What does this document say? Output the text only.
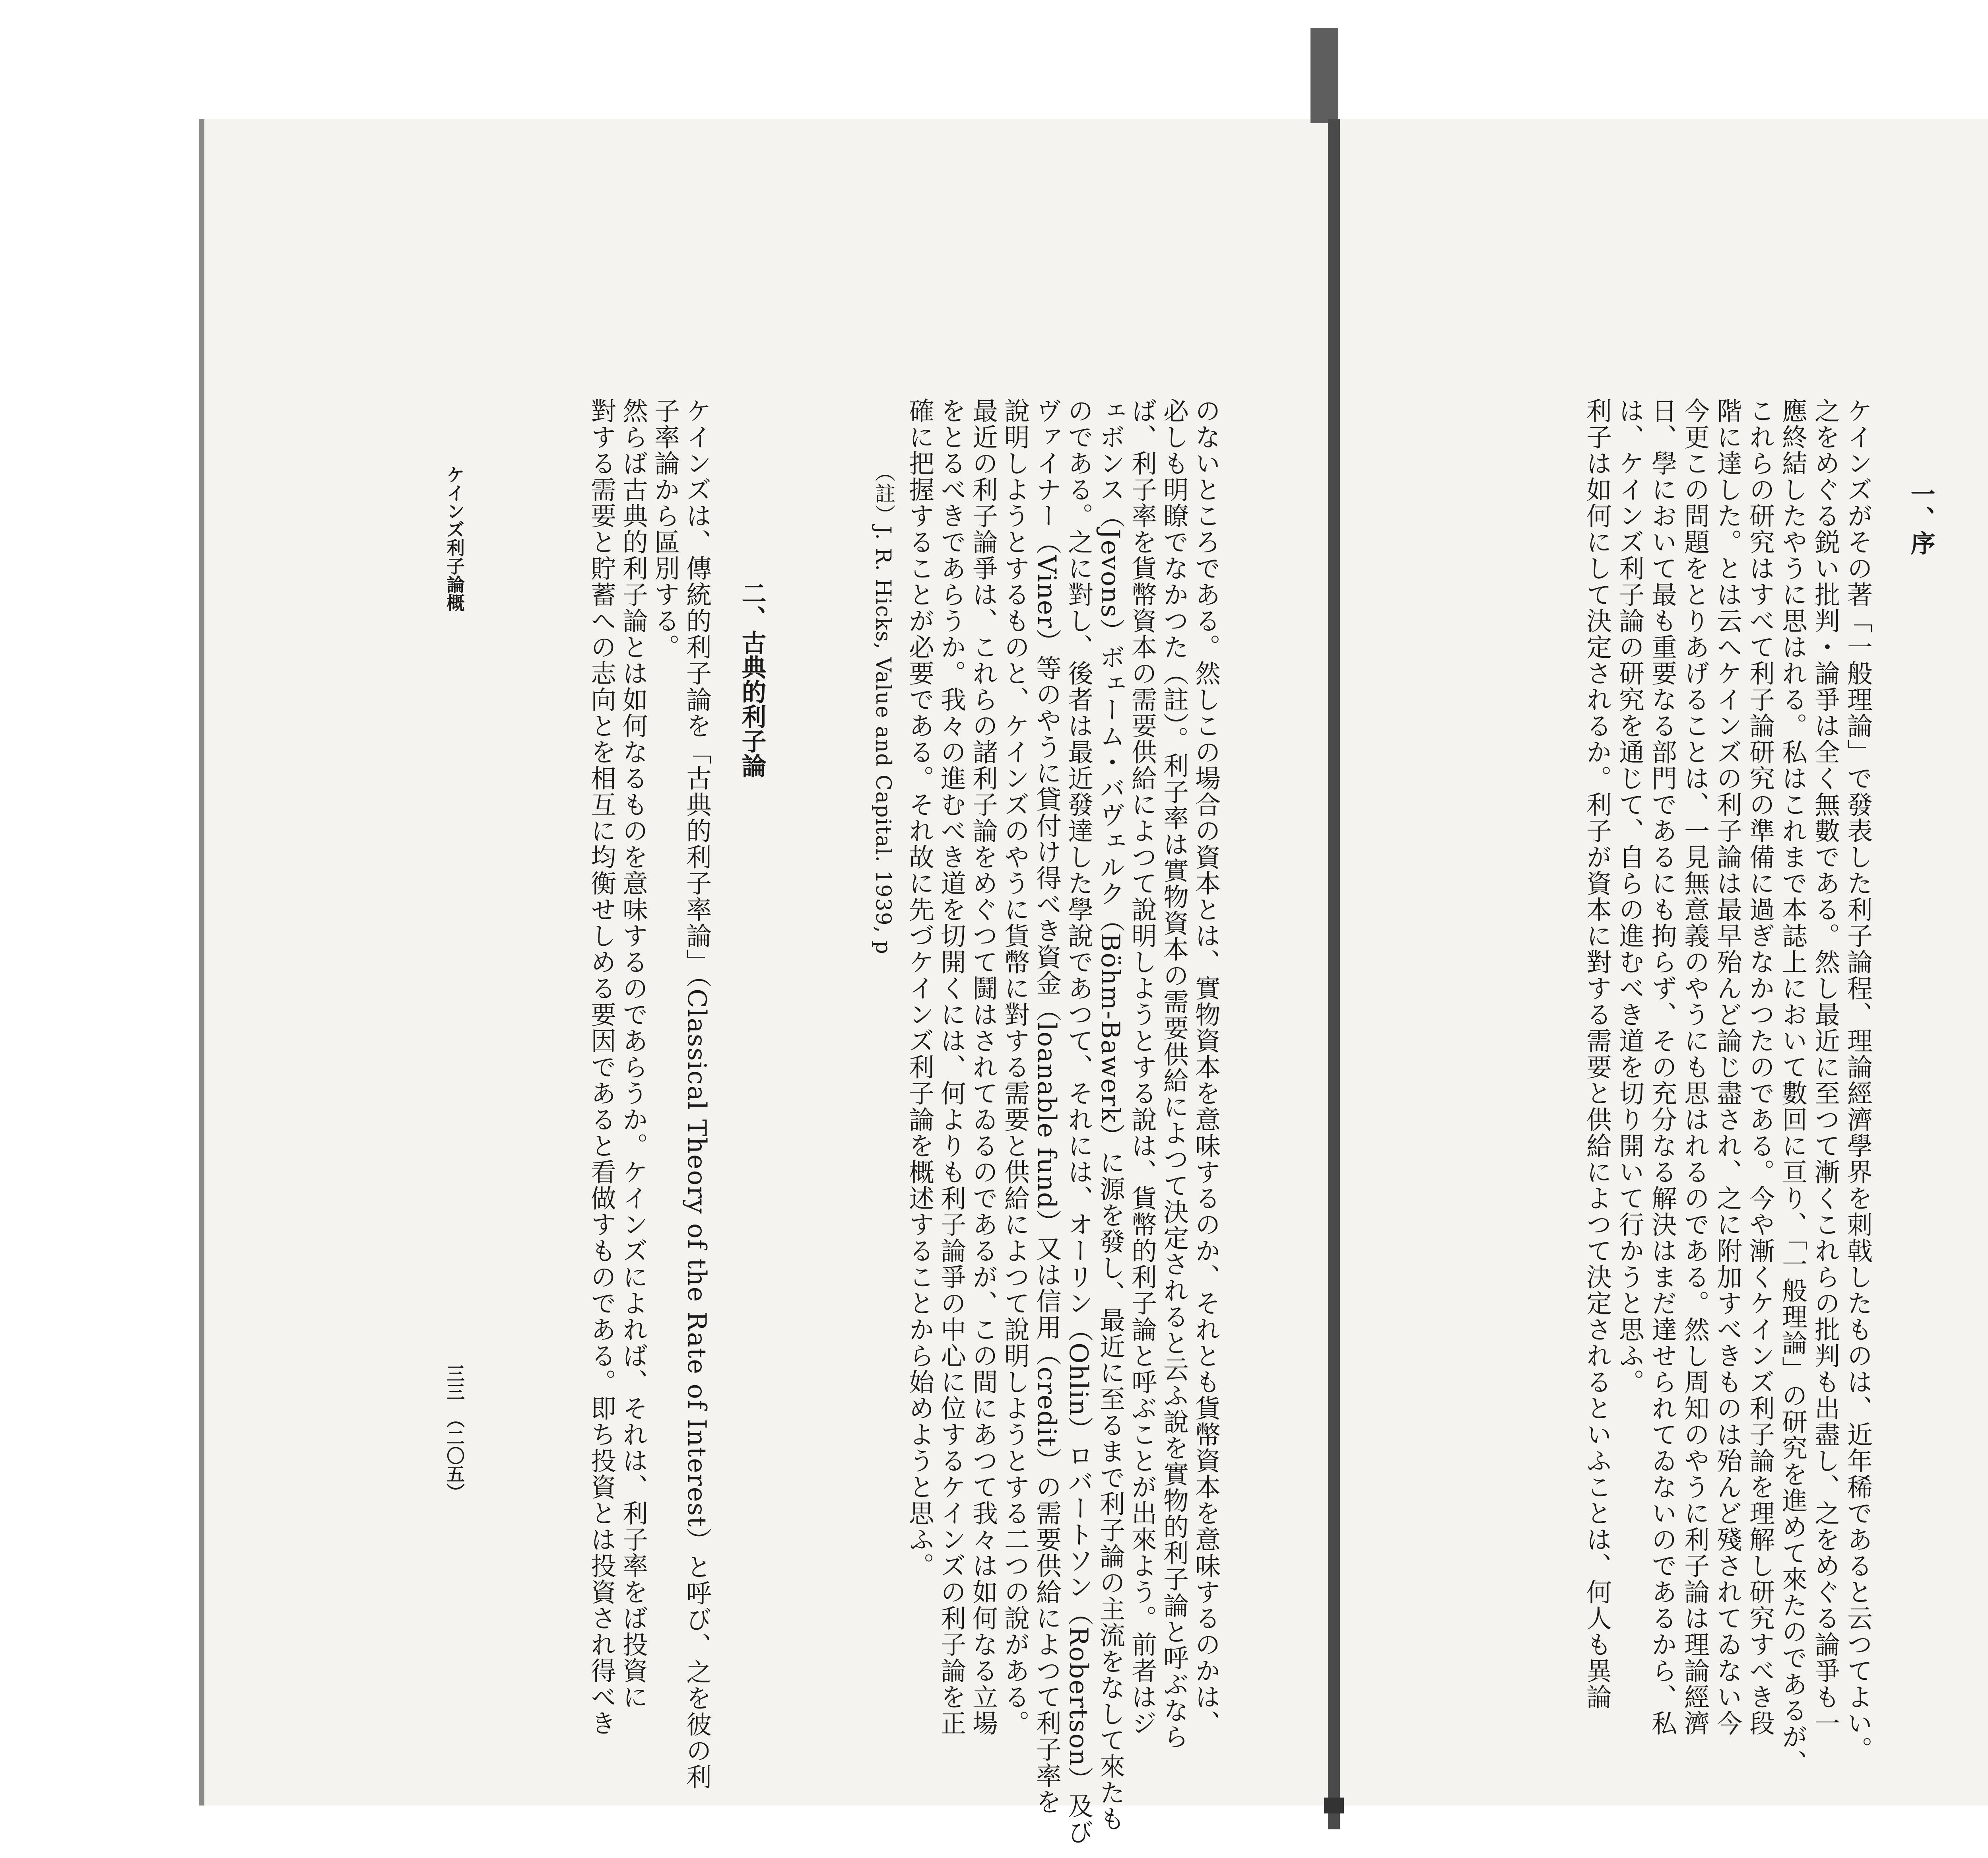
一、序
ケインズがその著「一般理論」で發表した利子論程、理論經濟學界を刺戟したものは、近年稀であると云つてよい。
之をめぐる鋭い批判・論爭は全く無數である。然し最近に至つて漸くこれらの批判も出盡し、之をめぐる論爭も一
應終結したやうに思はれる。私はこれまで本誌上において數回に亘り、「一般理論」の研究を進めて來たのであるが、
これらの研究はすべて利子論研究の準備に過ぎなかつたのである。今や漸くケインズ利子論を理解し研究すべき段
階に達した。とは云へケインズの利子論は最早殆んど論じ盡され、之に附加すべきものは殆んど殘されてゐない今
今更この問題をとりあげることは、一見無意義のやうにも思はれるのである。然し周知のやうに利子論は理論經濟
日、學において最も重要なる部門であるにも拘らず、その充分なる解決はまだ達せられてゐないのであるから、私
は、ケインズ利子論の研究を通じて、自らの進むべき道を切り開いて行かうと思ふ。
利子は如何にして決定されるか。利子が資本に對する需要と供給によつて決定されるといふことは、何人も異論
のないところである。然しこの場合の資本とは、實物資本を意味するのか、それとも貨幣資本を意味するのかは、
必しも明瞭でなかつた（註）。利子率は實物資本の需要供給によつて決定されると云ふ說を實物的利子論と呼ぶなら
ば、利子率を貨幣資本の需要供給によつて說明しようとする說は、貨幣的利子論と呼ぶことが出來よう。前者はジ
ェボンス（Jevons）ボェーム・バヴェルク（Böhm-Bawerk）に源を發し、最近に至るまで利子論の主流をなして來たも
のである。之に對し、後者は最近發達した學說であつて、それには、オーリン（Ohlin）ロバートソン（Robertson）及び
ヴァイナー（Viner）等のやうに貸付け得べき資金（loanable fund）又は信用（credit）の需要供給によつて利子率を
說明しようとするものと、ケインズのやうに貨幣に對する需要と供給によつて說明しようとする二つの說がある。
最近の利子論爭は、これらの諸利子論をめぐつて鬪はされてゐるのであるが、この間にあつて我々は如何なる立場
をとるべきであらうか。我々の進むべき道を切開くには、何よりも利子論爭の中心に位するケインズの利子論を正
確に把握することが必要である。それ故に先づケインズ利子論を概述することから始めようと思ふ。
（註）J. R. Hicks, Value and Capital. 1939, p
二、古典的利子論
ケインズは、傳統的利子論を「古典的利子率論」（Classical Theory of the Rate of Interest）と呼び、之を彼の利
子率論から區別する。
然らば古典的利子論とは如何なるものを意味するのであらうか。ケインズによれば、それは、利子率をば投資に
對する需要と貯蓄への志向とを相互に均衡せしめる要因であると看做すものである。即ち投資とは投資され得べき
ケインズ利子論概
三三　（二〇五）
